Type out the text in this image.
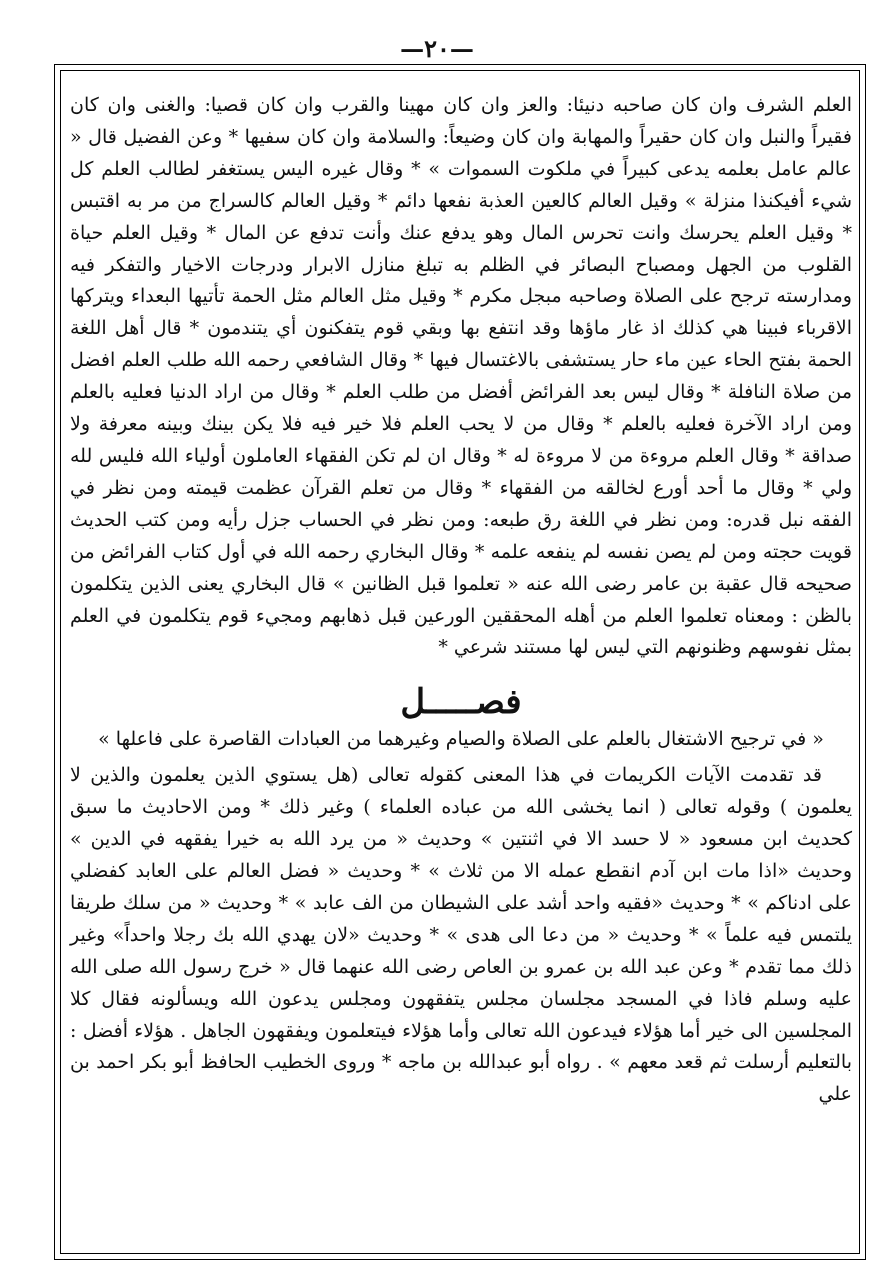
—٢٠—

العلم الشرف وان كان صاحبه دنيئا: والعز وان كان مهينا والقرب وان كان قصيا: والغنى وان كان فقيراً والنبل وان كان حقيراً والمهابة وان كان وضيعاً: والسلامة وان كان سفيها * وعن الفضيل قال « عالم عامل بعلمه يدعى كبيراً في ملكوت السموات » * وقال غيره اليس يستغفر لطالب العلم كل شيء أفيكنذا منزلة » وقيل العالم كالعين العذبة نفعها دائم * وقيل العالم كالسراج من مر به اقتبس * وقيل العلم يحرسك وانت تحرس المال وهو يدفع عنك وأنت تدفع عن المال * وقيل العلم حياة القلوب من الجهل ومصباح البصائر في الظلم به تبلغ منازل الابرار ودرجات الاخيار والتفكر فيه ومدارسته ترجح على الصلاة وصاحبه مبجل مكرم * وقيل مثل العالم مثل الحمة تأتيها البعداء ويتركها الاقرباء فبينا هي كذلك اذ غار ماؤها وقد انتفع بها وبقي قوم يتفكنون أي يتندمون * قال أهل اللغة الحمة بفتح الحاء عين ماء حار يستشفى بالاغتسال فيها * وقال الشافعي رحمه الله طلب العلم افضل من صلاة النافلة * وقال ليس بعد الفرائض أفضل من طلب العلم * وقال من اراد الدنيا فعليه بالعلم ومن اراد الآخرة فعليه بالعلم * وقال من لا يحب العلم فلا خير فيه فلا يكن بينك وبينه معرفة ولا صداقة * وقال العلم مروءة من لا مروءة له * وقال ان لم تكن الفقهاء العاملون أولياء الله فليس لله ولي * وقال ما أحد أورع لخالقه من الفقهاء * وقال من تعلم القرآن عظمت قيمته ومن نظر في الفقه نبل قدره: ومن نظر في اللغة رق طبعه: ومن نظر في الحساب جزل رأيه ومن كتب الحديث قويت حجته ومن لم يصن نفسه لم ينفعه علمه * وقال البخاري رحمه الله في أول كتاب الفرائض من صحيحه قال عقبة بن عامر رضى الله عنه « تعلموا قبل الظانين » قال البخاري يعنى الذين يتكلمون بالظن : ومعناه تعلموا العلم من أهله المحققين الورعين قبل ذهابهم ومجيء قوم يتكلمون في العلم بمثل نفوسهم وظنونهم التي ليس لها مستند شرعي *

فصـــــل
« في ترجيح الاشتغال بالعلم على الصلاة والصيام وغيرهما من العبادات القاصرة على فاعلها »

قد تقدمت الآيات الكريمات في هذا المعنى كقوله تعالى (هل يستوي الذين يعلمون والذين لا يعلمون ) وقوله تعالى ( انما يخشى الله من عباده العلماء ) وغير ذلك * ومن الاحاديث ما سبق كحديث ابن مسعود « لا حسد الا في اثنتين » وحديث « من يرد الله به خيرا يفقهه في الدين » وحديث «اذا مات ابن آدم انقطع عمله الا من ثلاث » * وحديث « فضل العالم على العابد كفضلي على ادناكم » * وحديث «فقيه واحد أشد على الشيطان من الف عابد » * وحديث « من سلك طريقا يلتمس فيه علماً » * وحديث « من دعا الى هدى » * وحديث «لان يهدي الله بك رجلا واحداً» وغير ذلك مما تقدم * وعن عبد الله بن عمرو بن العاص رضى الله عنهما قال « خرج رسول الله صلى الله عليه وسلم فاذا في المسجد مجلسان مجلس يتفقهون ومجلس يدعون الله ويسألونه فقال كلا المجلسين الى خير أما هؤلاء فيدعون الله تعالى وأما هؤلاء فيتعلمون ويفقهون الجاهل . هؤلاء أفضل : بالتعليم أرسلت ثم قعد معهم » . رواه أبو عبدالله بن ماجه * وروى الخطيب الحافظ أبو بكر احمد بن علي
